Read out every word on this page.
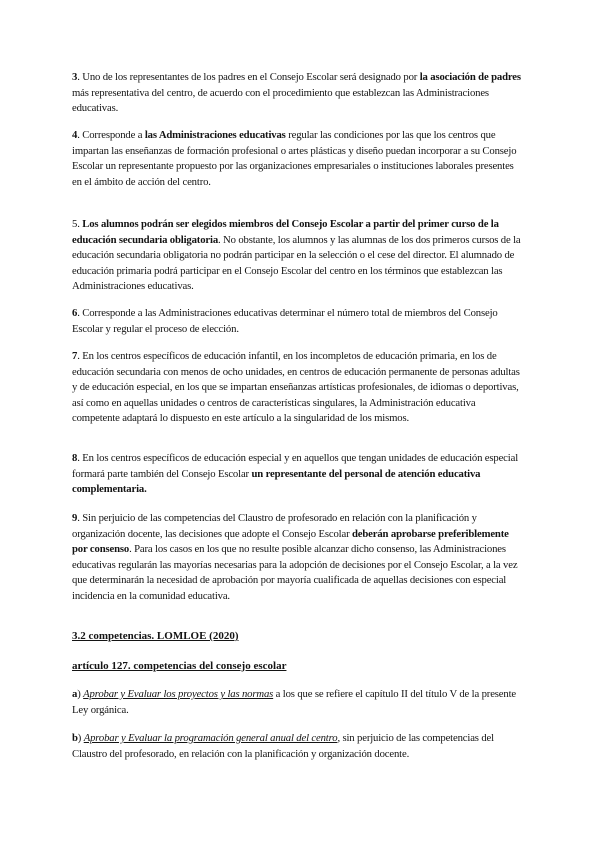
3. Uno de los representantes de los padres en el Consejo Escolar será designado por la asociación de padres más representativa del centro, de acuerdo con el procedimiento que establezcan las Administraciones educativas.

4. Corresponde a las Administraciones educativas regular las condiciones por las que los centros que impartan las enseñanzas de formación profesional o artes plásticas y diseño puedan incorporar a su Consejo Escolar un representante propuesto por las organizaciones empresariales o instituciones laborales presentes en el ámbito de acción del centro.

5. Los alumnos podrán ser elegidos miembros del Consejo Escolar a partir del primer curso de la educación secundaria obligatoria. No obstante, los alumnos y las alumnas de los dos primeros cursos de la educación secundaria obligatoria no podrán participar en la selección o el cese del director. El alumnado de educación primaria podrá participar en el Consejo Escolar del centro en los términos que establezcan las Administraciones educativas.

6. Corresponde a las Administraciones educativas determinar el número total de miembros del Consejo Escolar y regular el proceso de elección.

7. En los centros específicos de educación infantil, en los incompletos de educación primaria, en los de educación secundaria con menos de ocho unidades, en centros de educación permanente de personas adultas y de educación especial, en los que se impartan enseñanzas artísticas profesionales, de idiomas o deportivas, así como en aquellas unidades o centros de características singulares, la Administración educativa competente adaptará lo dispuesto en este artículo a la singularidad de los mismos.

8. En los centros específicos de educación especial y en aquellos que tengan unidades de educación especial formará parte también del Consejo Escolar un representante del personal de atención educativa complementaria.

9. Sin perjuicio de las competencias del Claustro de profesorado en relación con la planificación y organización docente, las decisiones que adopte el Consejo Escolar deberán aprobarse preferiblemente por consenso. Para los casos en los que no resulte posible alcanzar dicho consenso, las Administraciones educativas regularán las mayorías necesarias para la adopción de decisiones por el Consejo Escolar, a la vez que determinarán la necesidad de aprobación por mayoría cualificada de aquellas decisiones con especial incidencia en la comunidad educativa.

3.2 competencias. LOMLOE (2020)

artículo 127. competencias del consejo escolar

a) Aprobar y Evaluar los proyectos y las normas a los que se refiere el capítulo II del título V de la presente Ley orgánica.

b) Aprobar y Evaluar la programación general anual del centro, sin perjuicio de las competencias del Claustro del profesorado, en relación con la planificación y organización docente.
